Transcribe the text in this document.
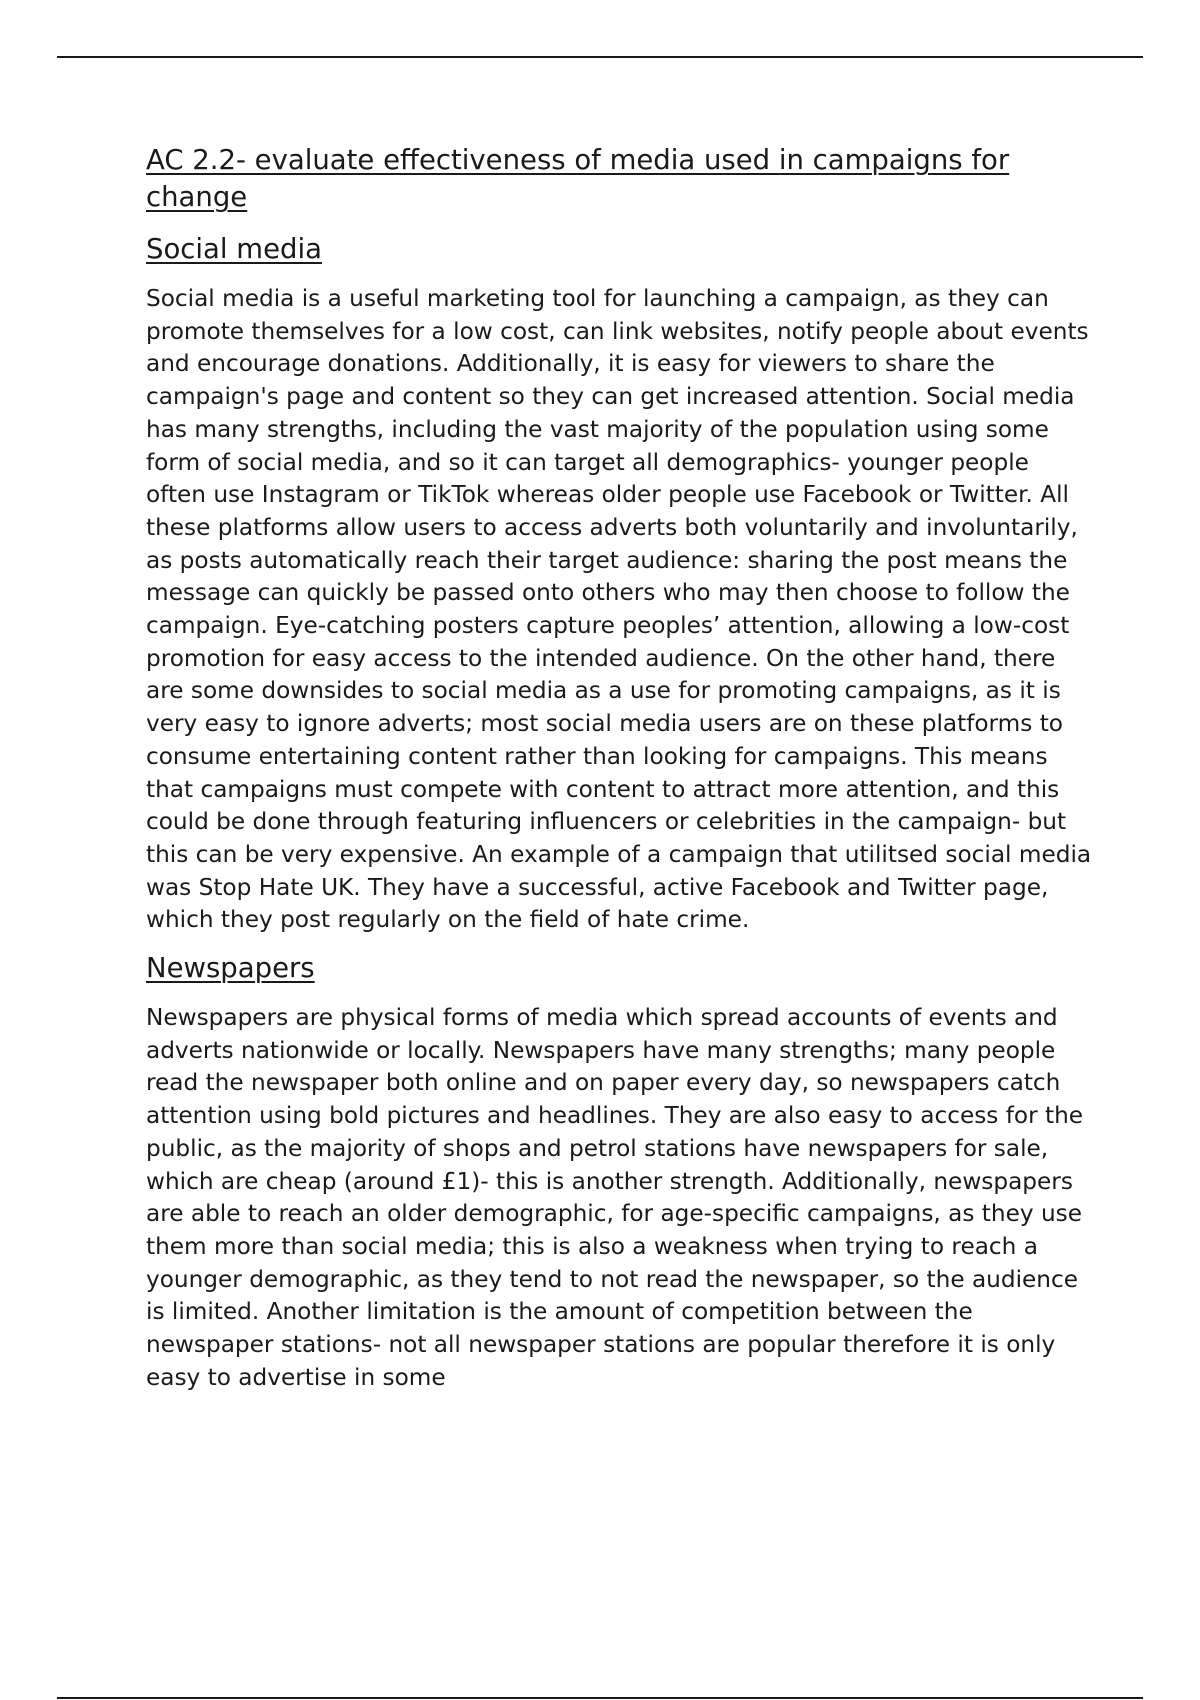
AC 2.2- evaluate effectiveness of media used in campaigns for change
Social media

Social media is a useful marketing tool for launching a campaign, as they can promote themselves for a low cost, can link websites, notify people about events and encourage donations. Additionally, it is easy for viewers to share the campaign's page and content so they can get increased attention. Social media has many strengths, including the vast majority of the population using some form of social media, and so it can target all demographics- younger people often use Instagram or TikTok whereas older people use Facebook or Twitter. All these platforms allow users to access adverts both voluntarily and involuntarily, as posts automatically reach their target audience: sharing the post means the message can quickly be passed onto others who may then choose to follow the campaign. Eye-catching posters capture peoples’ attention, allowing a low-cost promotion for easy access to the intended audience. On the other hand, there are some downsides to social media as a use for promoting campaigns, as it is very easy to ignore adverts; most social media users are on these platforms to consume entertaining content rather than looking for campaigns. This means that campaigns must compete with content to attract more attention, and this could be done through featuring influencers or celebrities in the campaign- but this can be very expensive. An example of a campaign that utilitsed social media was Stop Hate UK. They have a successful, active Facebook and Twitter page, which they post regularly on the field of hate crime.

Newspapers

Newspapers are physical forms of media which spread accounts of events and adverts nationwide or locally. Newspapers have many strengths; many people read the newspaper both online and on paper every day, so newspapers catch attention using bold pictures and headlines. They are also easy to access for the public, as the majority of shops and petrol stations have newspapers for sale, which are cheap (around £1)- this is another strength. Additionally, newspapers are able to reach an older demographic, for age-specific campaigns, as they use them more than social media; this is also a weakness when trying to reach a younger demographic, as they tend to not read the newspaper, so the audience is limited. Another limitation is the amount of competition between the newspaper stations- not all newspaper stations are popular therefore it is only easy to advertise in some
